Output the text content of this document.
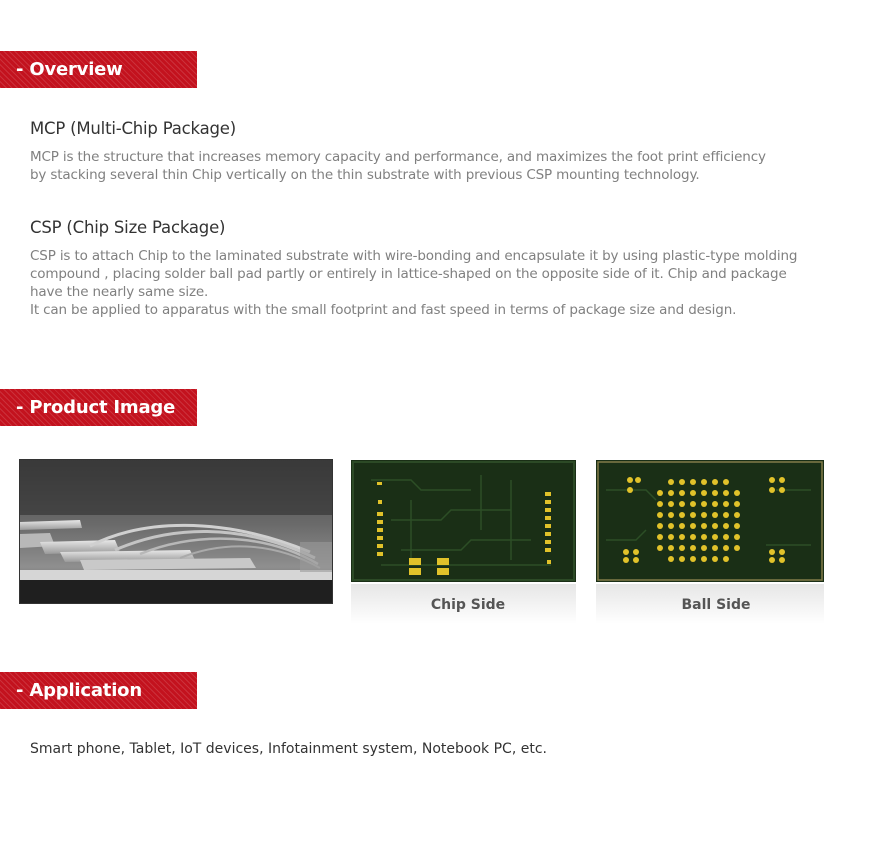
- Overview
MCP (Multi-Chip Package)

MCP is the structure that increases memory capacity and performance, and maximizes the foot print efficiency

by stacking several thin Chip vertically on the thin substrate with previous CSP mounting technology.

CSP (Chip Size Package)

CSP is to attach Chip to the laminated substrate with wire-bonding and encapsulate it by using plastic-type molding

compound , placing solder ball pad partly or entirely in lattice-shaped on the opposite side of it. Chip and package

have the nearly same size.

It can be applied to apparatus with the small footprint and fast speed in terms of package size and design.

- Product Image
Chip Side	Ball Side
- Application
Smart phone, Tablet, IoT devices, Infotainment system, Notebook PC, etc.
